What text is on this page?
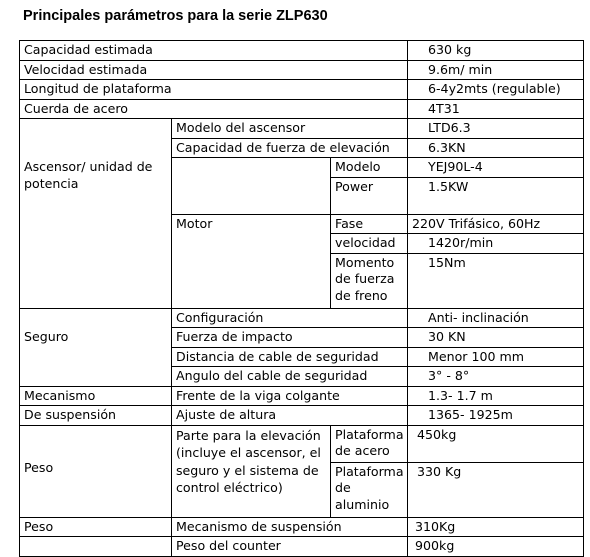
Principales parámetros para la serie ZLP630
Capacidad estimada			630 kg
Velocidad estimada			9.6m/ min
Longitud de plataforma			6-4y2mts (regulable)
Cuerda de acero			4T31
Ascensor/ unidad de potencia	Modelo del ascensor		LTD6.3
	Capacidad de fuerza de elevación		6.3KN
		Modelo	YEJ90L-4
		Power	1.5KW
	Motor	Fase	220V Trifásico, 60Hz
		velocidad	1420r/min
		Momento de fuerza de freno	15Nm
Seguro	Configuración		Anti- inclinación
	Fuerza de impacto		30 KN
	Distancia de cable de seguridad		Menor 100 mm
	Angulo del cable de seguridad		3° - 8°
Mecanismo	Frente de la viga colgante		1.3- 1.7 m
De suspensión	Ajuste de altura		1365- 1925m
Peso	Parte para la elevación (incluye el ascensor, el seguro y el sistema de control eléctrico)	Plataforma de acero	450kg
		Plataforma de aluminio	330 Kg
Peso	Mecanismo de suspensión		310Kg
	Peso del counter		900kg
